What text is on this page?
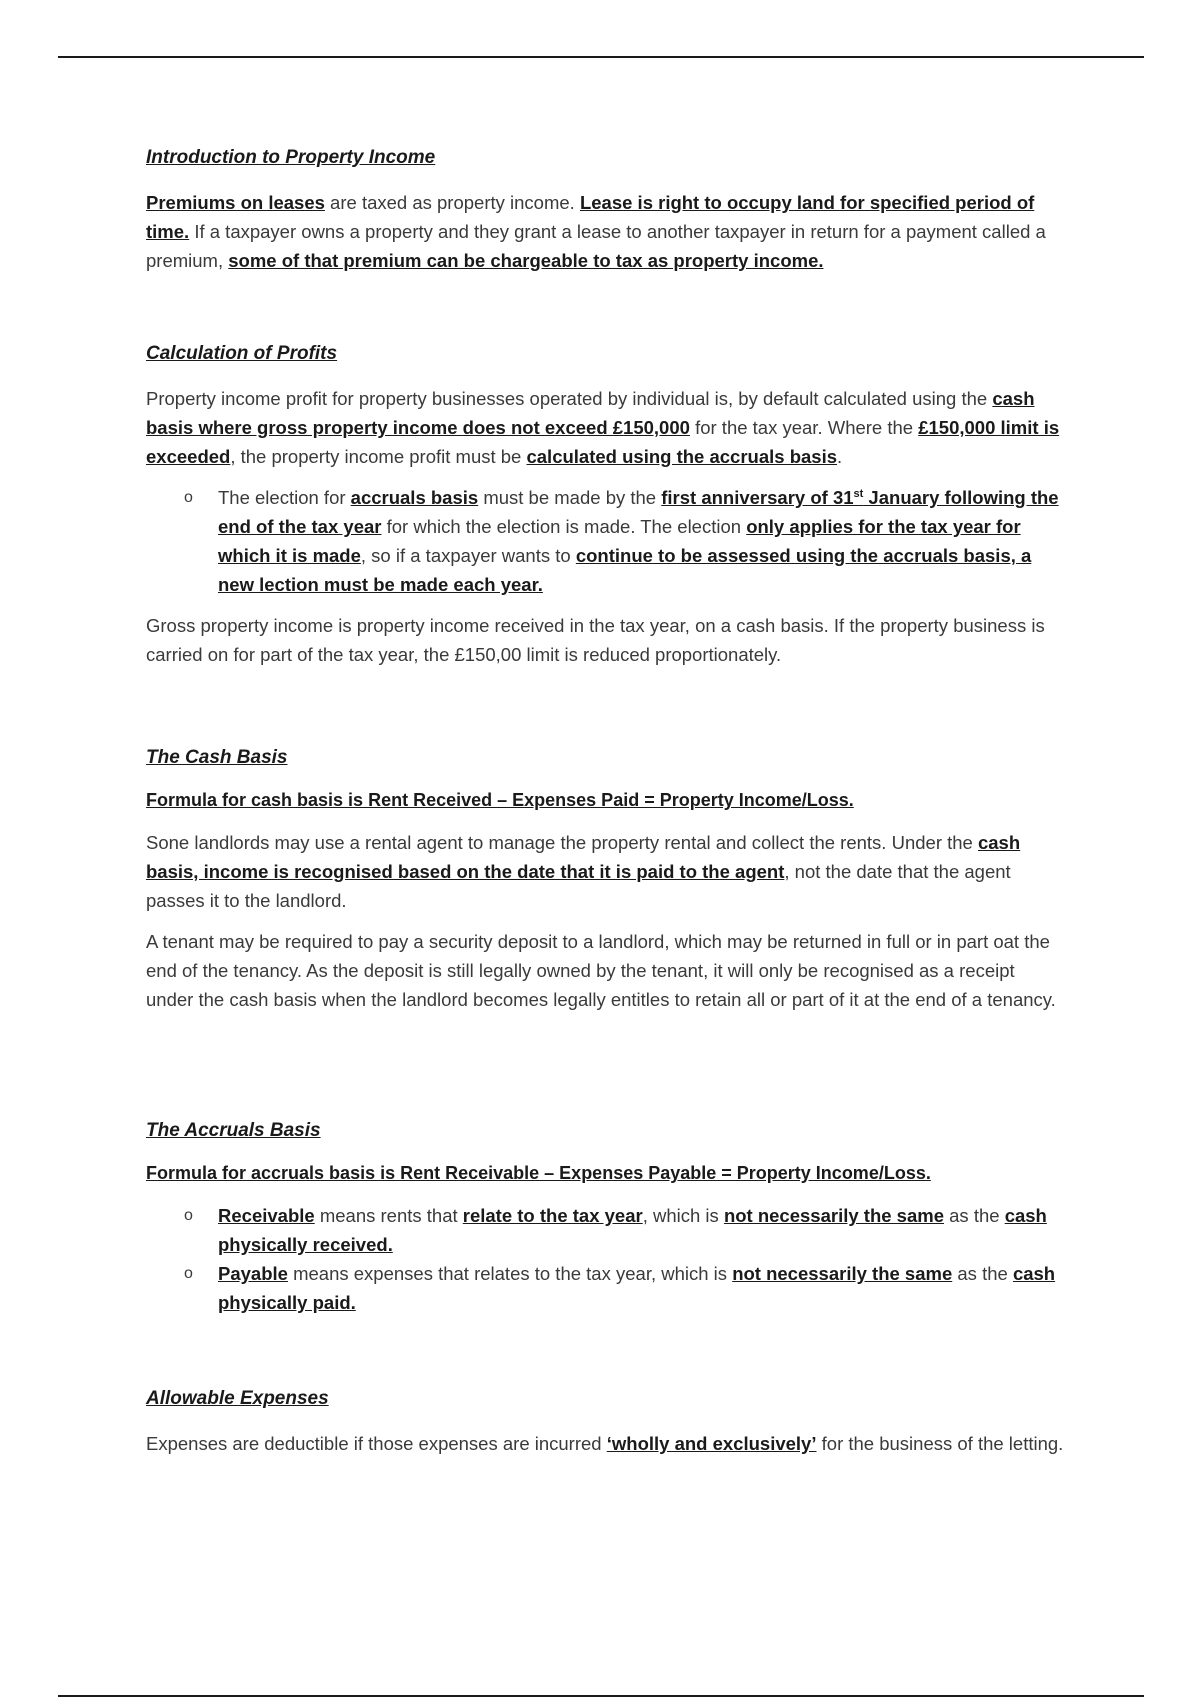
Introduction to Property Income

Premiums on leases are taxed as property income. Lease is right to occupy land for specified period of time. If a taxpayer owns a property and they grant a lease to another taxpayer in return for a payment called a premium, some of that premium can be chargeable to tax as property income.

Calculation of Profits

Property income profit for property businesses operated by individual is, by default calculated using the cash basis where gross property income does not exceed £150,000 for the tax year. Where the £150,000 limit is exceeded, the property income profit must be calculated using the accruals basis.

o The election for accruals basis must be made by the first anniversary of 31st January following the end of the tax year for which the election is made. The election only applies for the tax year for which it is made, so if a taxpayer wants to continue to be assessed using the accruals basis, a new lection must be made each year.

Gross property income is property income received in the tax year, on a cash basis. If the property business is carried on for part of the tax year, the £150,00 limit is reduced proportionately.

The Cash Basis

Formula for cash basis is Rent Received – Expenses Paid = Property Income/Loss.

Sone landlords may use a rental agent to manage the property rental and collect the rents. Under the cash basis, income is recognised based on the date that it is paid to the agent, not the date that the agent passes it to the landlord.

A tenant may be required to pay a security deposit to a landlord, which may be returned in full or in part oat the end of the tenancy. As the deposit is still legally owned by the tenant, it will only be recognised as a receipt under the cash basis when the landlord becomes legally entitles to retain all or part of it at the end of a tenancy.

The Accruals Basis

Formula for accruals basis is Rent Receivable – Expenses Payable = Property Income/Loss.

o Receivable means rents that relate to the tax year, which is not necessarily the same as the cash physically received.
o Payable means expenses that relates to the tax year, which is not necessarily the same as the cash physically paid.
Allowable Expenses

Expenses are deductible if those expenses are incurred ‘wholly and exclusively’ for the business of the letting.
